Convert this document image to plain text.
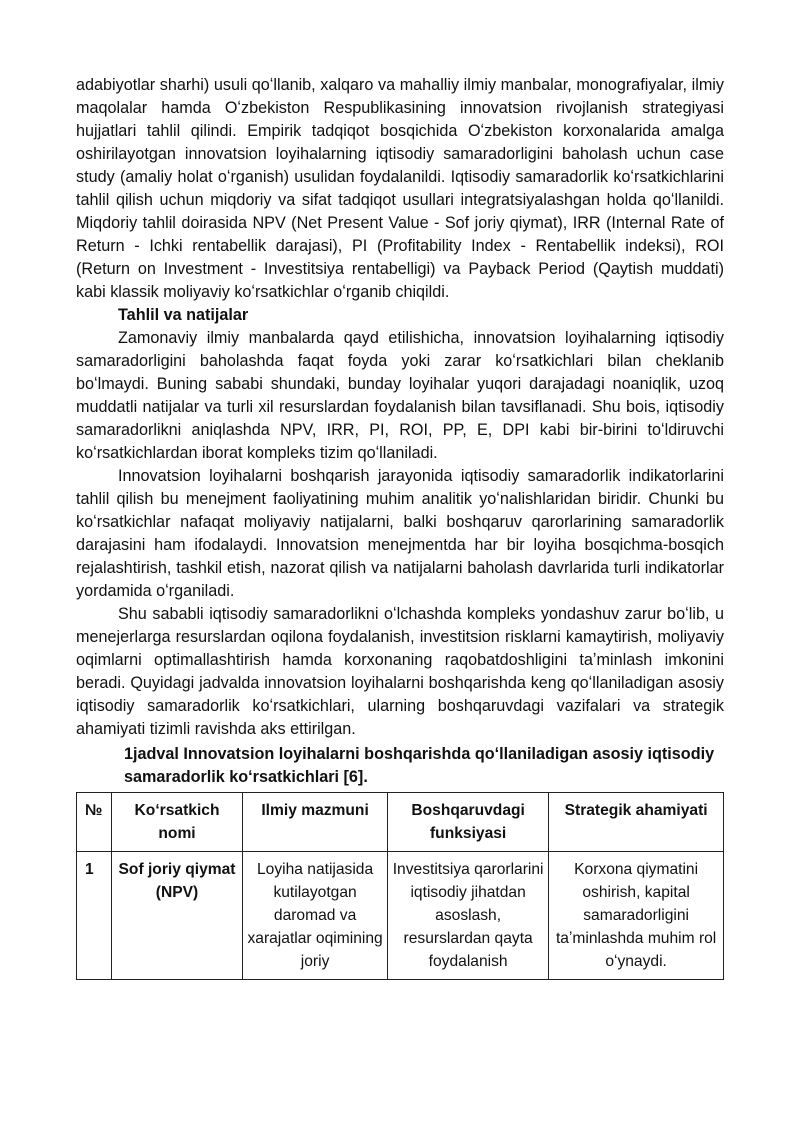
adabiyotlar sharhi) usuli qoʻllanib, xalqaro va mahalliy ilmiy manbalar, monografiyalar, ilmiy maqolalar hamda Oʻzbekiston Respublikasining innovatsion rivojlanish strategiyasi hujjatlari tahlil qilindi. Empirik tadqiqot bosqichida Oʻzbekiston korxonalarida amalga oshirilayotgan innovatsion loyihalarning iqtisodiy samaradorligini baholash uchun case study (amaliy holat oʻrganish) usulidan foydalanildi. Iqtisodiy samaradorlik koʻrsatkichlarini tahlil qilish uchun miqdoriy va sifat tadqiqot usullari integratsiyalashgan holda qoʻllanildi. Miqdoriy tahlil doirasida NPV (Net Present Value - Sof joriy qiymat), IRR (Internal Rate of Return - Ichki rentabellik darajasi), PI (Profitability Index - Rentabellik indeksi), ROI (Return on Investment - Investitsiya rentabelligi) va Payback Period (Qaytish muddati) kabi klassik moliyaviy koʻrsatkichlar oʻrganib chiqildi.

Tahlil va natijalar

Zamonaviy ilmiy manbalarda qayd etilishicha, innovatsion loyihalarning iqtisodiy samaradorligini baholashda faqat foyda yoki zarar koʻrsatkichlari bilan cheklanib boʻlmaydi. Buning sababi shundaki, bunday loyihalar yuqori darajadagi noaniqlik, uzoq muddatli natijalar va turli xil resurslardan foydalanish bilan tavsiflanadi. Shu bois, iqtisodiy samaradorlikni aniqlashda NPV, IRR, PI, ROI, PP, E, DPI kabi bir-birini toʻldiruvchi koʻrsatkichlardan iborat kompleks tizim qoʻllaniladi.

Innovatsion loyihalarni boshqarish jarayonida iqtisodiy samaradorlik indikatorlarini tahlil qilish bu menejment faoliyatining muhim analitik yoʻnalishlaridan biridir. Chunki bu koʻrsatkichlar nafaqat moliyaviy natijalarni, balki boshqaruv qarorlarining samaradorlik darajasini ham ifodalaydi. Innovatsion menejmentda har bir loyiha bosqichma-bosqich rejalashtirish, tashkil etish, nazorat qilish va natijalarni baholash davrlarida turli indikatorlar yordamida oʻrganiladi.

Shu sababli iqtisodiy samaradorlikni oʻlchashda kompleks yondashuv zarur boʻlib, u menejerlarga resurslardan oqilona foydalanish, investitsion risklarni kamaytirish, moliyaviy oqimlarni optimallashtirish hamda korxonaning raqobatdoshligini taʼminlash imkonini beradi. Quyidagi jadvalda innovatsion loyihalarni boshqarishda keng qoʻllaniladigan asosiy iqtisodiy samaradorlik koʻrsatkichlari, ularning boshqaruvdagi vazifalari va strategik ahamiyati tizimli ravishda aks ettirilgan.

1jadval Innovatsion loyihalarni boshqarishda qoʻllaniladigan asosiy iqtisodiy samaradorlik koʻrsatkichlari [6].
№	Koʻrsatkich nomi	Ilmiy mazmuni	Boshqaruvdagi funksiyasi	Strategik ahamiyati
1	Sof joriy qiymat (NPV)	Loyiha natijasida kutilayotgan daromad va xarajatlar oqimining joriy	Investitsiya qarorlarini iqtisodiy jihatdan asoslash, resurslardan qayta foydalanish	Korxona qiymatini oshirish, kapital samaradorligini taʼminlashda muhim rol oʻynaydi.
